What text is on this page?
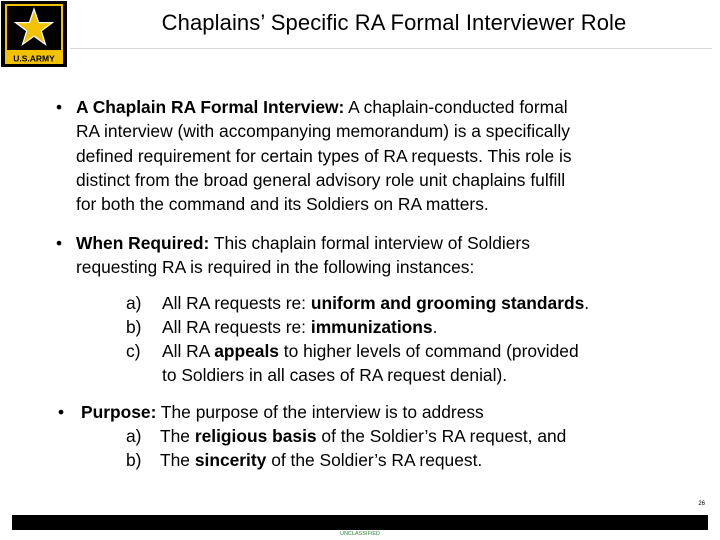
U.S.ARMY
Chaplains’ Specific RA Formal Interviewer Role
• A Chaplain RA Formal Interview: A chaplain-conducted formal
RA interview (with accompanying memorandum) is a specifically
defined requirement for certain types of RA requests. This role is
distinct from the broad general advisory role unit chaplains fulfill
for both the command and its Soldiers on RA matters.
• When Required: This chaplain formal interview of Soldiers
requesting RA is required in the following instances:
a) All RA requests re: uniform and grooming standards.
b) All RA requests re: immunizations.
c) All RA appeals to higher levels of command (provided
to Soldiers in all cases of RA request denial).
• Purpose: The purpose of the interview is to address
a) The religious basis of the Soldier’s RA request, and
b) The sincerity of the Soldier’s RA request.
26
UNCLASSIFIED
